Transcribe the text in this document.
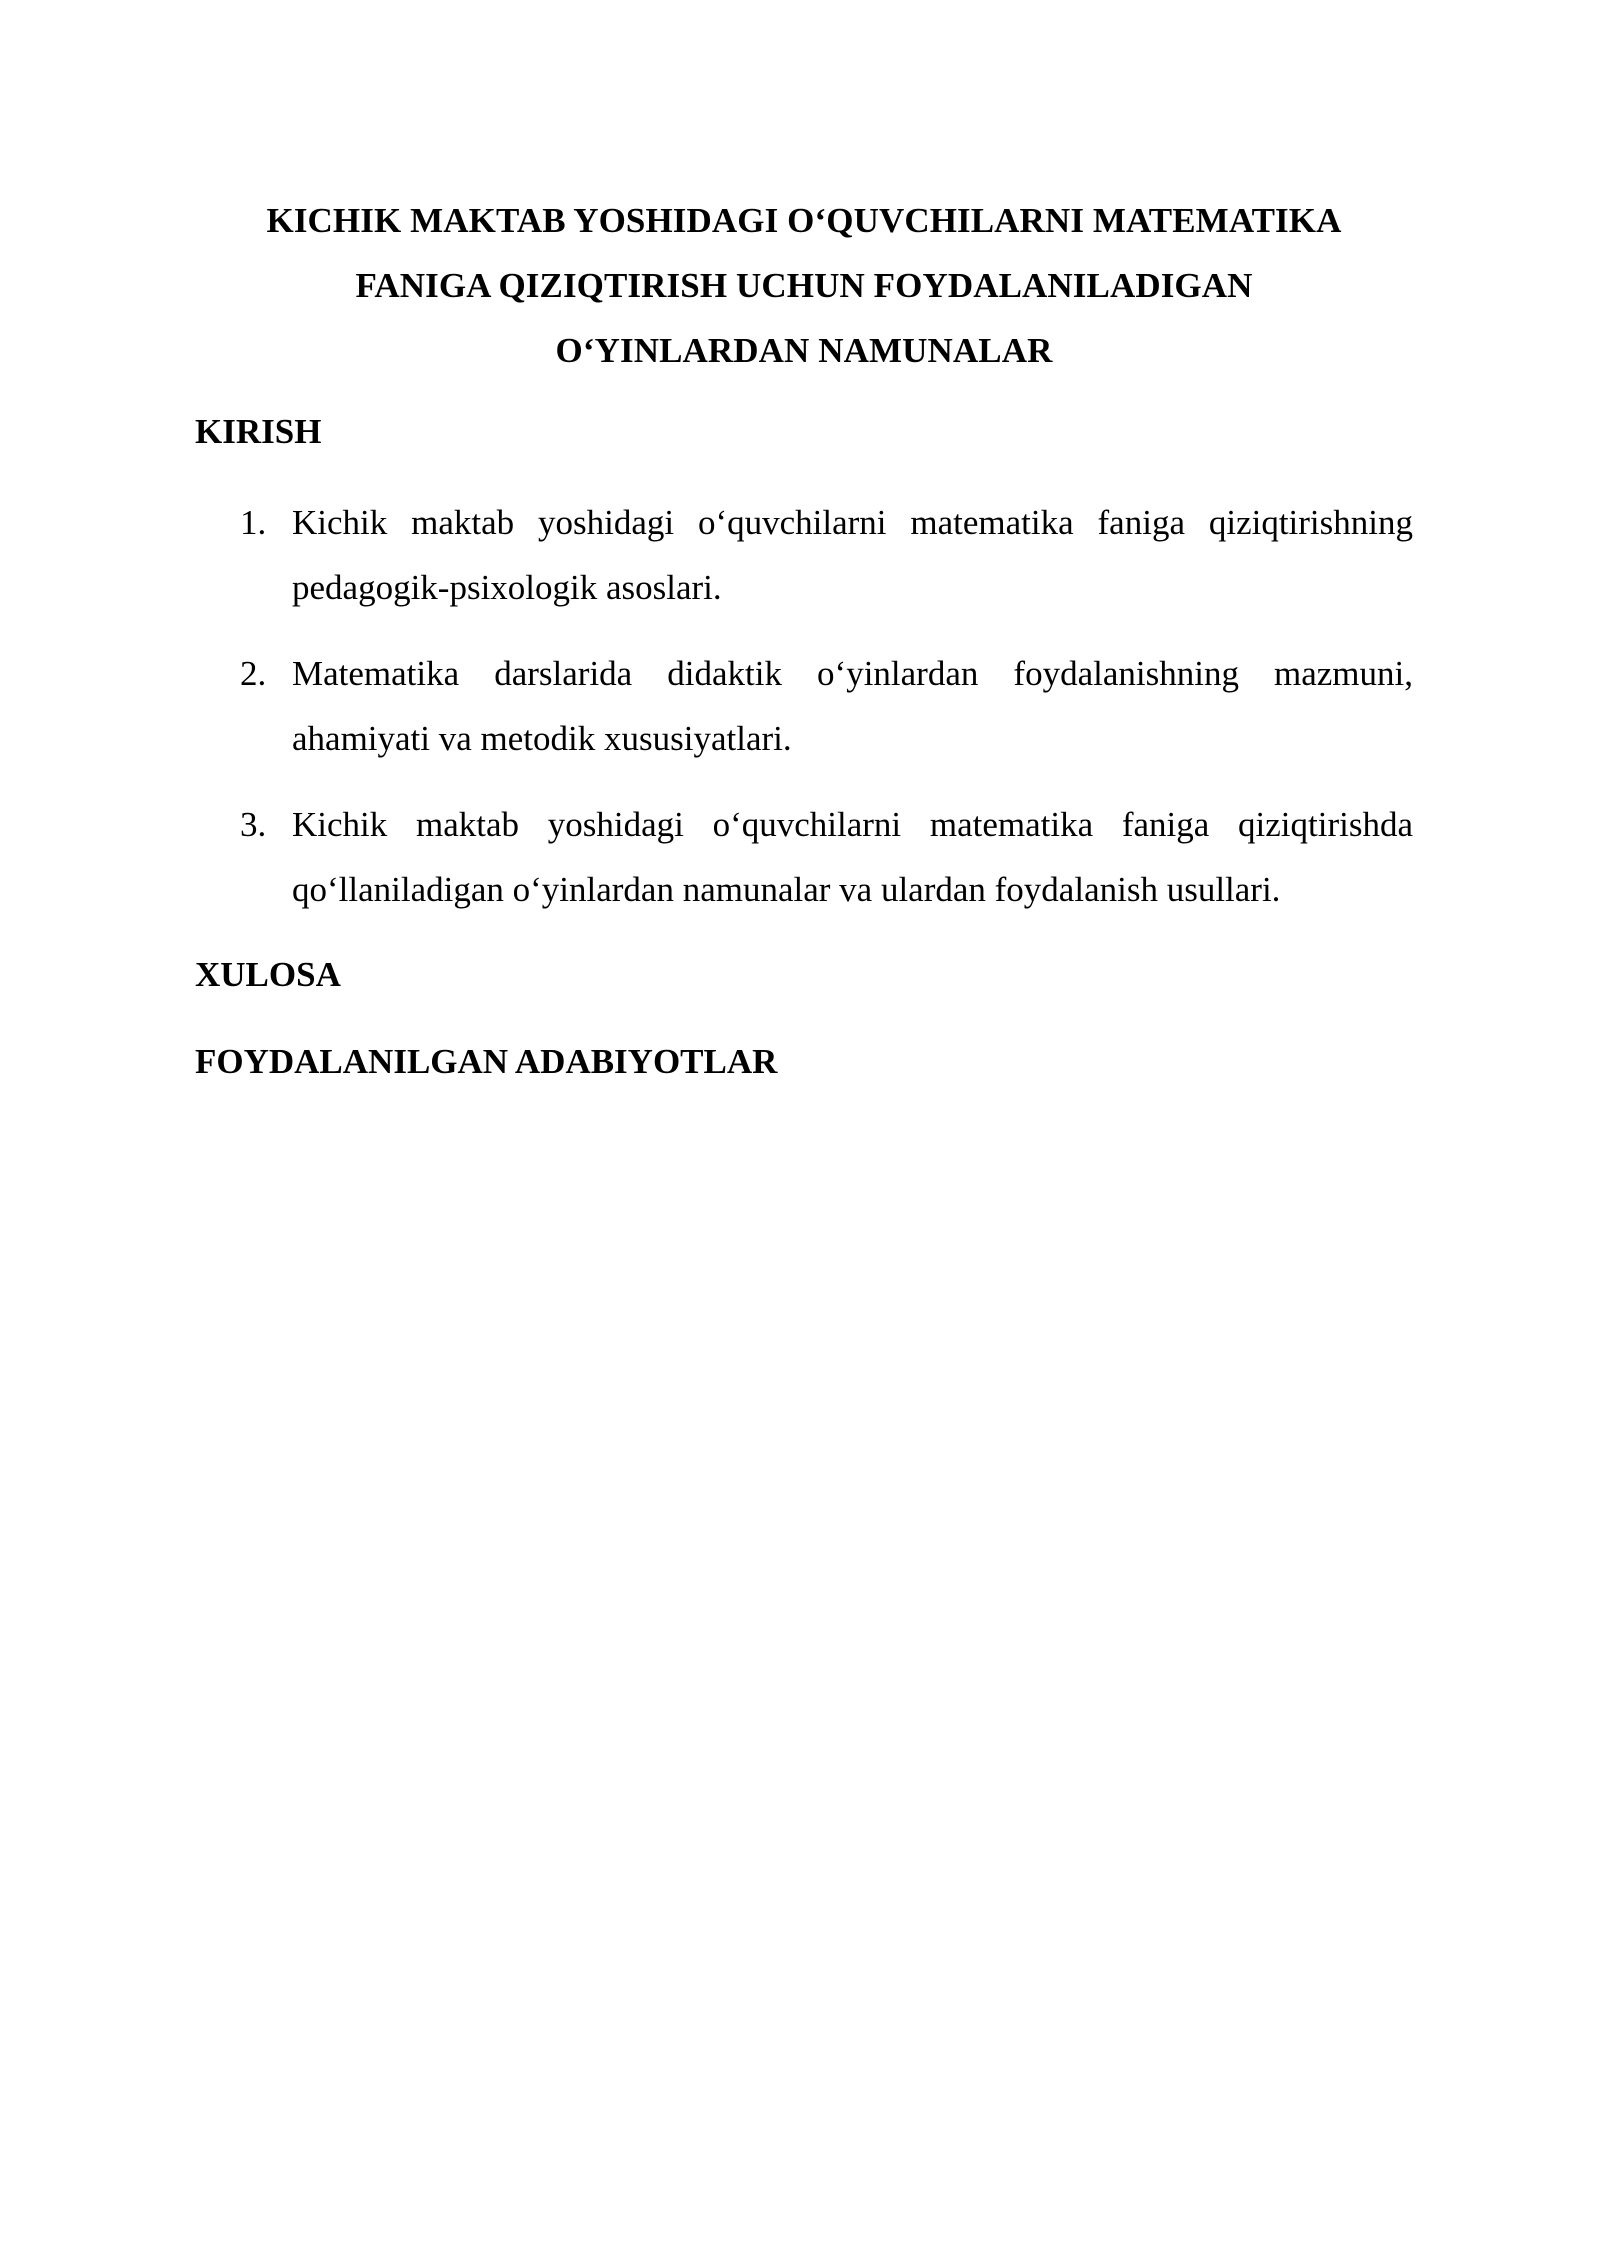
KICHIK MAKTAB YOSHIDAGI O‘QUVCHILARNI MATEMATIKA
FANIGA QIZIQTIRISH UCHUN FOYDALANILADIGAN
O‘YINLARDAN NAMUNALAR
KIRISH
1. Kichik maktab yoshidagi o‘quvchilarni matematika faniga qiziqtirishning pedagogik-psixologik asoslari.
2. Matematika darslarida didaktik o‘yinlardan foydalanishning mazmuni, ahamiyati va metodik xususiyatlari.
3. Kichik maktab yoshidagi o‘quvchilarni matematika faniga qiziqtirishda qo‘llaniladigan o‘yinlardan namunalar va ulardan foydalanish usullari.
XULOSA
FOYDALANILGAN ADABIYOTLAR
